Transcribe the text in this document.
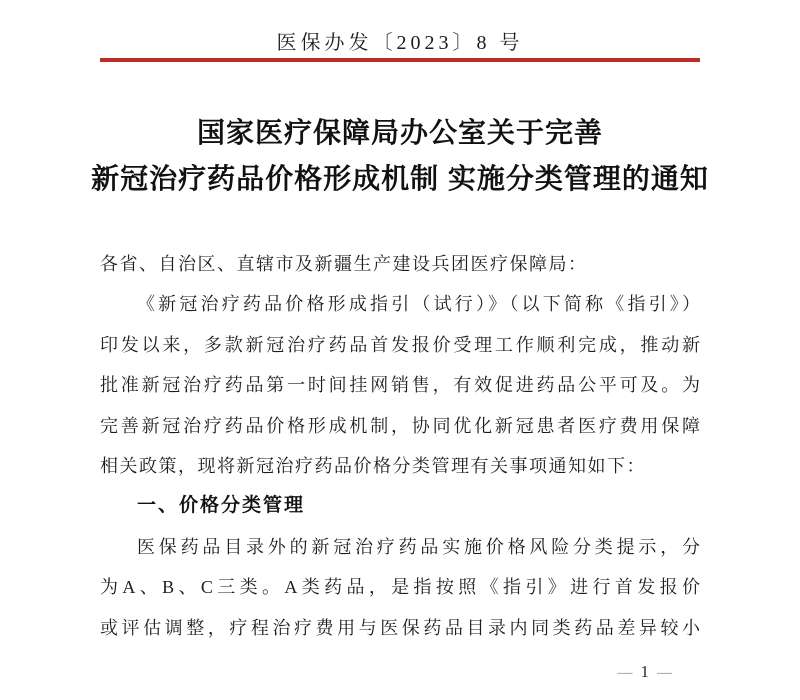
医保办发〔2023〕8 号
国家医疗保障局办公室关于完善
新冠治疗药品价格形成机制 实施分类管理的通知
各省、自治区、直辖市及新疆生产建设兵团医疗保障局：
《新冠治疗药品价格形成指引（试行）》（以下简称《指引》）
印发以来，多款新冠治疗药品首发报价受理工作顺利完成，推动新
批准新冠治疗药品第一时间挂网销售，有效促进药品公平可及。为
完善新冠治疗药品价格形成机制，协同优化新冠患者医疗费用保障
相关政策，现将新冠治疗药品价格分类管理有关事项通知如下：
一、价格分类管理
医保药品目录外的新冠治疗药品实施价格风险分类提示，分
为A、B、C三类。A类药品，是指按照《指引》进行首发报价
或评估调整，疗程治疗费用与医保药品目录内同类药品差异较小
— 1 —
